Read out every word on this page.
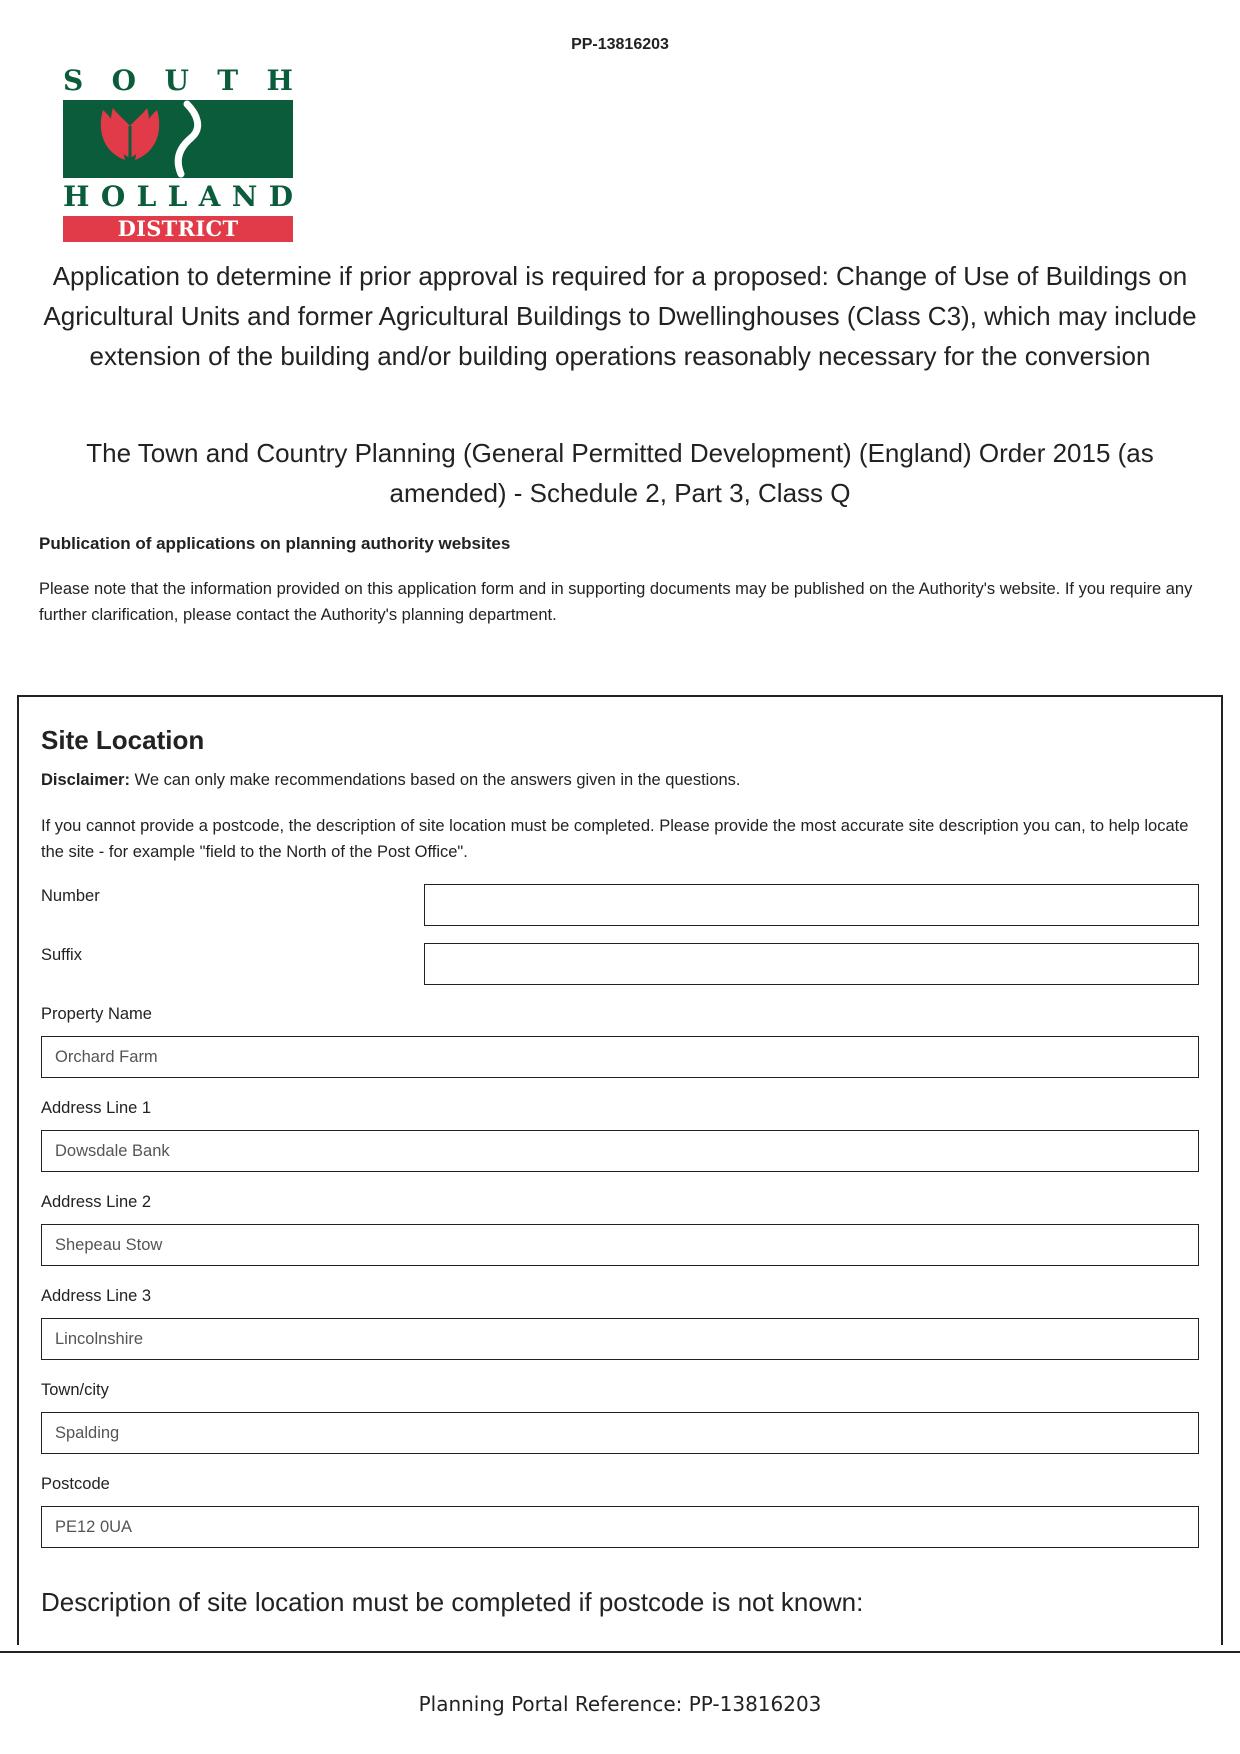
PP-13816203
S O U T H
H O L L A N D
DISTRICT COUNCIL
Application to determine if prior approval is required for a proposed: Change of Use of Buildings on Agricultural Units and former Agricultural Buildings to Dwellinghouses (Class C3), which may include extension of the building and/or building operations reasonably necessary for the conversion
The Town and Country Planning (General Permitted Development) (England) Order 2015 (as amended) - Schedule 2, Part 3, Class Q
Publication of applications on planning authority websites
Please note that the information provided on this application form and in supporting documents may be published on the Authority's website. If you require any further clarification, please contact the Authority's planning department.
Site Location
Disclaimer: We can only make recommendations based on the answers given in the questions.
If you cannot provide a postcode, the description of site location must be completed. Please provide the most accurate site description you can, to help locate the site - for example "field to the North of the Post Office".
Number
Suffix
Property Name
Orchard Farm
Address Line 1
Dowsdale Bank
Address Line 2
Shepeau Stow
Address Line 3
Lincolnshire
Town/city
Spalding
Postcode
PE12 0UA
Description of site location must be completed if postcode is not known:
Planning Portal Reference: PP-13816203
